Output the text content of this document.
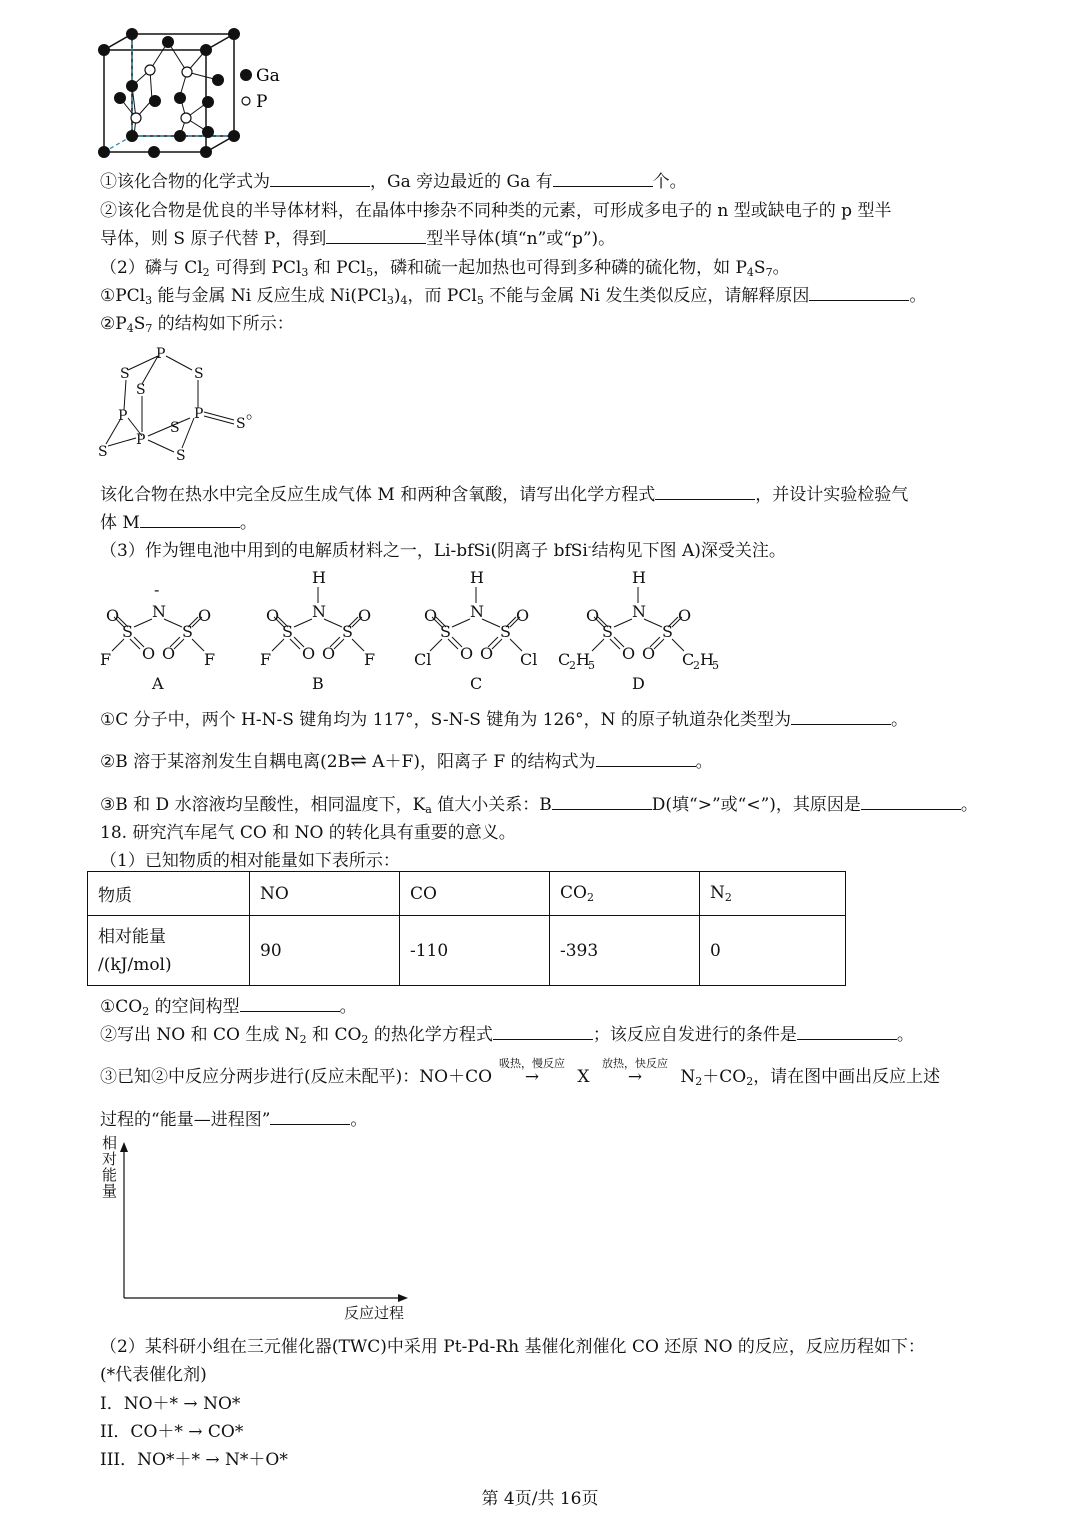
Ga
P
①该化合物的化学式为	，Ga 旁边最近的 Ga 有	个。
②该化合物是优良的半导体材料，在晶体中掺杂不同种类的元素，可形成多电子的 n 型或缺电子的 p 型半
导体，则 S 原子代替 P，得到	型半导体(填“n”或“p”)。
（2）磷与 $Cl_2$ 可得到 PCl$_3$ 和 PCl$_5$，磷和硫一起加热也可得到多种磷的硫化物，如 $P_4S_7$。
①PCl$_3$ 能与金属 Ni 反应生成 $Ni(PCl_3)_4$，而 PCl$_5$ 不能与金属 Ni 发生类似反应，请解释原因	。
$②P_4S_7$ 的结构如下所示：
P
S	S
S
P	P
S	S
P
S	S
。
该化合物在热水中完全反应生成气体 M 和两种含氧酸，请写出化学方程式	，并设计实验检验气
体 M	。
（3）作为锂电池中用到的电解质材料之一，Li-bfSi(阴离子 bfSi-结构见下图 A)深受关注。
-
N
S	S
O	O
O O
F	F
A
H
N
S	S
O	O
O O
F	F
B
H
N
S	S
O	O
O O
Cl	Cl
C
H
N
S	S
O	O
O O
C
2 H
5	C
2 H
5
D
①C 分子中，两个 H-N-S 键角均为 117°，S-N-S 键角为 126°，N 的原子轨道杂化类型为	。
②B 溶于某溶剂发生自耦电离(2B⇌ A＋F)，阳离子 F 的结构式为	。
③B 和 D 水溶液均呈酸性，相同温度下，$K_a$ 值大小关系：B	D(填“>”或“<”)，其原因是	。
18. 研究汽车尾气 CO 和 NO 的转化具有重要的意义。
（1）已知物质的相对能量如下表所示：
物质	NO	CO	$CO_2$	$N_2$
相对能量
/(kJ/mol)	90	-110	-393	0
$①CO_2$ 的空间构型	。
②写出 NO 和 CO 生成 $N_2$ 和 $CO_2$ 的热化学方程式	；该反应自发进行的条件是	。
③已知②中反应分两步进行(反应未配平)：NO＋CO
吸热，慢反应
→ X
放热，快反应
→ $N_2+CO_2$，请在图中画出反应上述
过程的“能量—进程图”	。
相
对
能
量
反应过程
（2）某科研小组在三元催化器(TWC)中采用 Pt-Pd-Rh 基催化剂催化 CO 还原 NO 的反应，反应历程如下：
(*代表催化剂)
I．NO＋* → NO*
II．CO＋* → CO*
III．NO*＋* → N*＋O*
第 4页/共 16页
